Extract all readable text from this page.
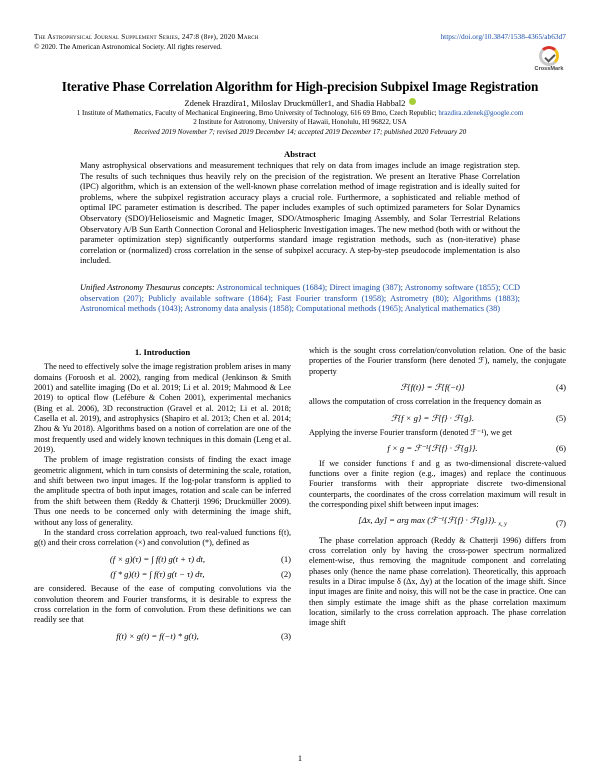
The Astrophysical Journal Supplement Series, 247:8 (8pp), 2020 March
© 2020. The American Astronomical Society. All rights reserved.
https://doi.org/10.3847/1538-4365/ab63d7
CrossMark
Iterative Phase Correlation Algorithm for High-precision Subpixel Image Registration
Zdenek Hrazdíra1, Miloslav Druckmüller1, and Shadia Habbal2
1 Institute of Mathematics, Faculty of Mechanical Engineering, Brno University of Technology, 616 69 Brno, Czech Republic; hrazdira.zdenek@google.com
2 Institute for Astronomy, University of Hawaii, Honolulu, HI 96822, USA
Received 2019 November 7; revised 2019 December 14; accepted 2019 December 17; published 2020 February 20
Abstract
Many astrophysical observations and measurement techniques that rely on data from images include an image registration step. The results of such techniques thus heavily rely on the precision of the registration. We present an Iterative Phase Correlation (IPC) algorithm, which is an extension of the well-known phase correlation method of image registration and is ideally suited for problems, where the subpixel registration accuracy plays a crucial role. Furthermore, a sophisticated and reliable method of optimal IPC parameter estimation is described. The paper includes examples of such optimized parameters for Solar Dynamics Observatory (SDO)/Helioseismic and Magnetic Imager, SDO/Atmospheric Imaging Assembly, and Solar Terrestrial Relations Observatory A/B Sun Earth Connection Coronal and Heliospheric Investigation images. The new method (both with or without the parameter optimization step) significantly outperforms standard image registration methods, such as (non-iterative) phase correlation or (normalized) cross correlation in the sense of subpixel accuracy. A step-by-step pseudocode implementation is also included.
Unified Astronomy Thesaurus concepts: Astronomical techniques (1684); Direct imaging (387); Astronomy software (1855); CCD observation (207); Publicly available software (1864); Fast Fourier transform (1958); Astrometry (80); Algorithms (1883); Astronomical methods (1043); Astronomy data analysis (1858); Computational methods (1965); Analytical mathematics (38)
1. Introduction

The need to effectively solve the image registration problem arises in many domains (Foroosh et al. 2002), ranging from medical (Jenkinson & Smith 2001) and satellite imaging (Do et al. 2019; Li et al. 2019; Mahmood & Lee 2019) to optical flow (Lefébure & Cohen 2001), experimental mechanics (Bing et al. 2006), 3D reconstruction (Gravel et al. 2012; Li et al. 2018; Casella et al. 2019), and astrophysics (Shapiro et al. 2013; Chen et al. 2014; Zhou & Yu 2018). Algorithms based on a notion of correlation are one of the most frequently used and widely known techniques in this domain (Leng et al. 2019).

The problem of image registration consists of finding the exact image geometric alignment, which in turn consists of determining the scale, rotation, and shift between two input images. If the log-polar transform is applied to the amplitude spectra of both input images, rotation and scale can be inferred from the shift between them (Reddy & Chatterji 1996; Druckmüller 2009). Thus one needs to be concerned only with determining the image shift, without any loss of generality.

In the standard cross correlation approach, two real-valued functions f(t), g(t) and their cross correlation (×) and convolution (*), defined as

(f × g)(τ) = ∫ f(t) g(t + τ) dt,	(1)
(f * g)(t) = ∫ f(τ) g(t − τ) dτ,	(2)

are considered. Because of the ease of computing convolutions via the convolution theorem and Fourier transforms, it is desirable to express the cross correlation in the form of convolution. From these definitions we can readily see that

f(t) × g(t) = f(−t) * g(t),	(3)

which is the sought cross correlation/convolution relation. One of the basic properties of the Fourier transform (here denoted ℱ), namely, the conjugate property

ℱ{f(t)} = ℱ{f(−t)}	(4)

allows the computation of cross correlation in the frequency domain as

ℱ{f × g} = ℱ{f} · ℱ{g}.	(5)

Applying the inverse Fourier transform (denoted ℱ⁻¹), we get

f × g = ℱ⁻¹{ℱ{f} · ℱ{g}}.	(6)

If we consider functions f and g as two-dimensional discrete-valued functions over a finite region (e.g., images) and replace the continuous Fourier transforms with their appropriate discrete two-dimensional counterparts, the coordinates of the cross correlation maximum will result in the corresponding pixel shift between input images:

[Δx, Δy] = arg max (ℱ⁻¹{ℱ{f} · ℱ{g}}). $_{x, y}$	(7)

The phase correlation approach (Reddy & Chatterji 1996) differs from cross correlation only by having the cross-power spectrum normalized element-wise, thus removing the magnitude component and correlating phases only (hence the name phase correlation). Theoretically, this approach results in a Dirac impulse δ (Δx, Δy) at the location of the image shift. Since input images are finite and noisy, this will not be the case in practice. One can then simply estimate the image shift as the phase correlation maximum location, similarly to the cross correlation approach. The phase correlation image shift

1
